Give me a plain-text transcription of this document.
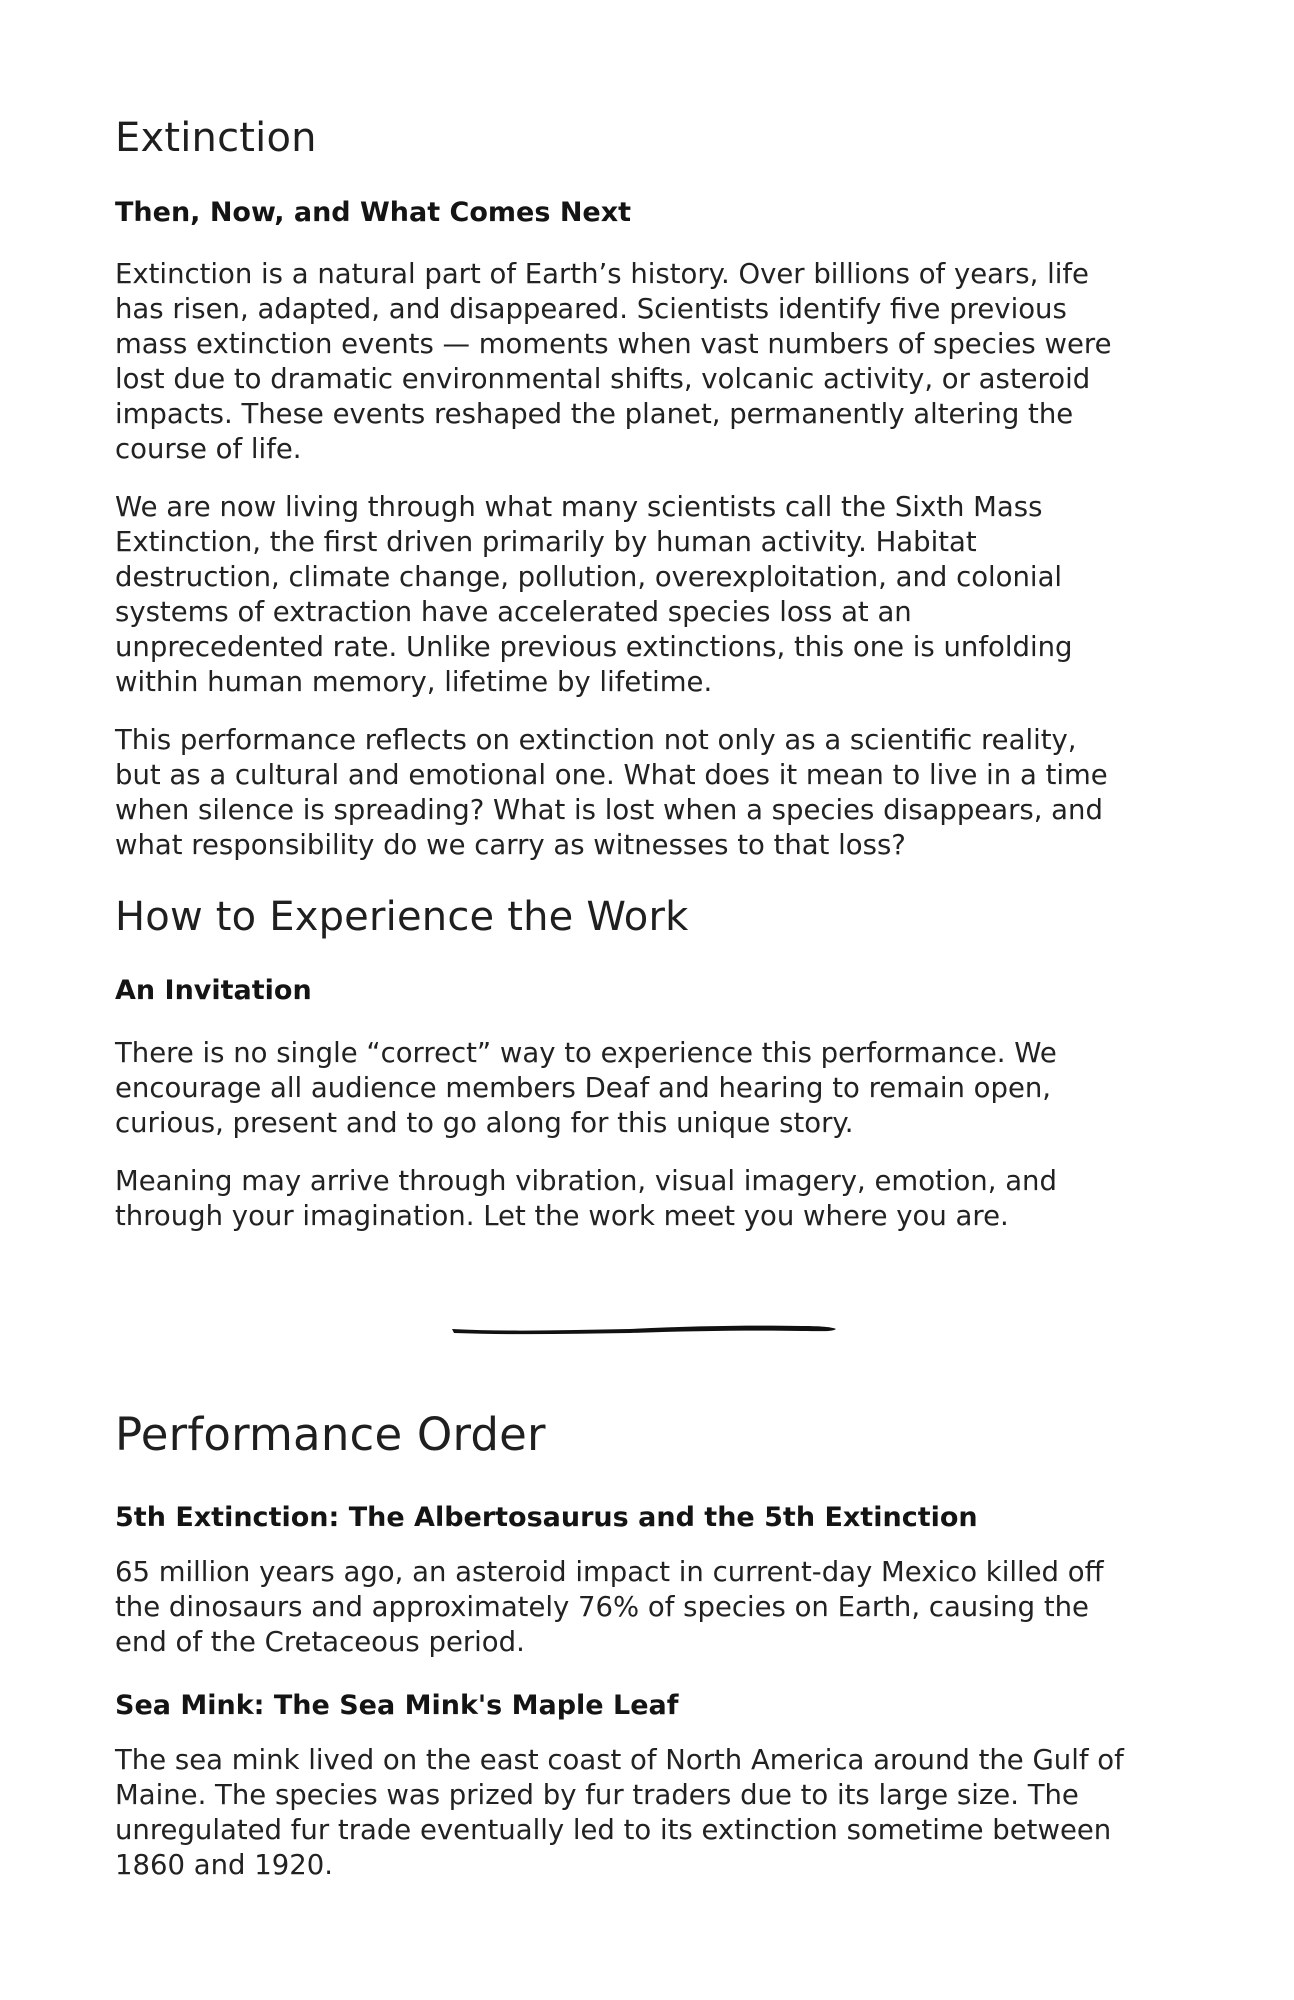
Extinction
Then, Now, and What Comes Next

Extinction is a natural part of Earth’s history. Over billions of years, life
has risen, adapted, and disappeared. Scientists identify five previous
mass extinction events — moments when vast numbers of species were
lost due to dramatic environmental shifts, volcanic activity, or asteroid
impacts. These events reshaped the planet, permanently altering the
course of life.

We are now living through what many scientists call the Sixth Mass
Extinction, the first driven primarily by human activity. Habitat
destruction, climate change, pollution, overexploitation, and colonial
systems of extraction have accelerated species loss at an
unprecedented rate. Unlike previous extinctions, this one is unfolding
within human memory, lifetime by lifetime.

This performance reflects on extinction not only as a scientific reality,
but as a cultural and emotional one. What does it mean to live in a time
when silence is spreading? What is lost when a species disappears, and
what responsibility do we carry as witnesses to that loss?

How to Experience the Work
An Invitation

There is no single “correct” way to experience this performance. We
encourage all audience members Deaf and hearing to remain open,
curious, present and to go along for this unique story.

Meaning may arrive through vibration, visual imagery, emotion, and
through your imagination. Let the work meet you where you are.

Performance Order
5th Extinction: The Albertosaurus and the 5th Extinction

65 million years ago, an asteroid impact in current-day Mexico killed off
the dinosaurs and approximately 76% of species on Earth, causing the
end of the Cretaceous period.

Sea Mink: The Sea Mink's Maple Leaf

The sea mink lived on the east coast of North America around the Gulf of
Maine. The species was prized by fur traders due to its large size. The
unregulated fur trade eventually led to its extinction sometime between
1860 and 1920.
